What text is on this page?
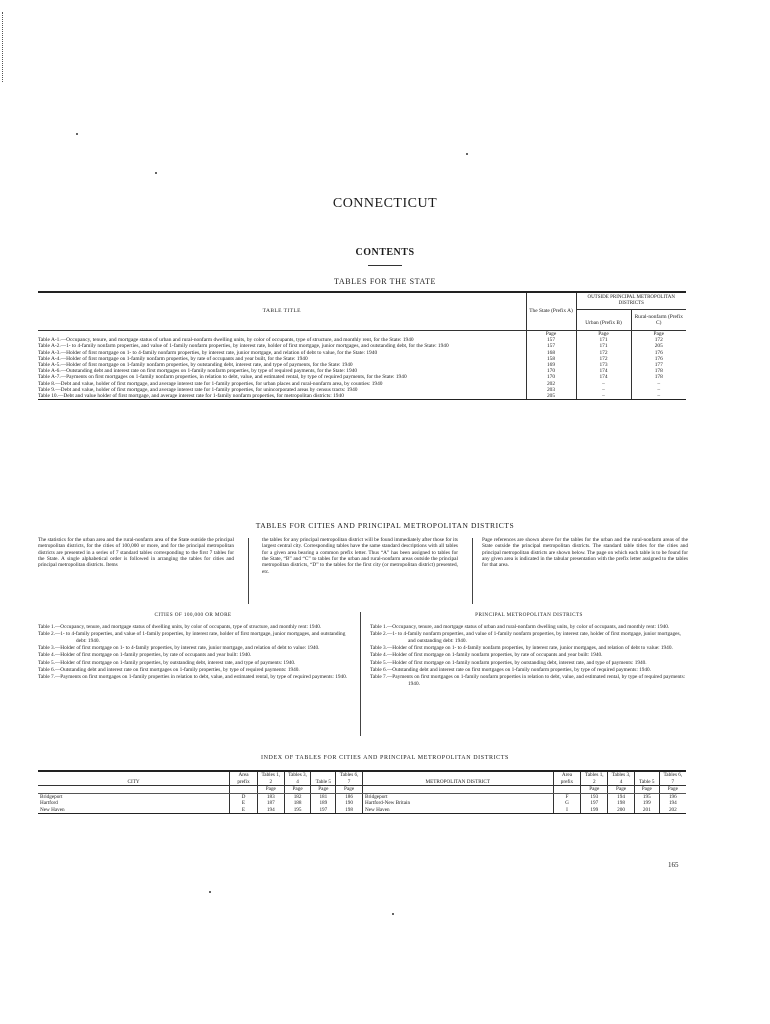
CONNECTICUT
CONTENTS
TABLES FOR THE STATE
TABLE TITLE	The State (Prefix A)	OUTSIDE PRINCIPAL METROPOLITAN DISTRICTS	
		Urban (Prefix B)	Rural-nonfarm (Prefix C)
	Page	Page	Page
Table A-1.—Occupancy, tenure, and mortgage status of urban and rural-nonfarm dwelling units, by color of occupants, type of structure, and monthly rent, for the State: 1940	157	171	172
Table A-2.—1- to 4-family nonfarm properties, and value of 1-family nonfarm properties, by interest rate, holder of first mortgage, junior mortgages, and outstanding debt, for the State: 1940	157	171	205
Table A-3.—Holder of first mortgage on 1- to 4-family nonfarm properties, by interest rate, junior mortgage, and relation of debt to value, for the State: 1940	168	172	176
Table A-4.—Holder of first mortgage on 1-family nonfarm properties, by rate of occupants and year built, for the State: 1940	158	172	176
Table A-5.—Holder of first mortgage on 1-family nonfarm properties, by outstanding debt, interest rate, and type of payments, for the State: 1940	169	173	177
Table A-6.—Outstanding debt and interest rate on first mortgages on 1-family nonfarm properties, by type of required payments, for the State: 1940	170	174	178
Table A-7.—Payments on first mortgages on 1-family nonfarm properties, in relation to debt, value, and estimated rental, by type of required payments, for the State: 1940	170	174	178
Table 8.—Debt and value, holder of first mortgage, and average interest rate for 1-family properties, for urban places and rural-nonfarm area, by counties: 1940	202	–	–
Table 9.—Debt and value, holder of first mortgage, and average interest rate for 1-family properties, for unincorporated areas by census tracts: 1940	203	–	–
Table 10.—Debt and value holder of first mortgage, and average interest rate for 1-family nonfarm properties, for metropolitan districts: 1940	205	–	–
TABLES FOR CITIES AND PRINCIPAL METROPOLITAN DISTRICTS
The statistics for the urban area and the rural-nonfarm area of the State outside the principal metropolitan districts, for the cities of 100,000 or more, and for the principal metropolitan districts are presented in a series of 7 standard tables corresponding to the first 7 tables for the State. A single alphabetical order is followed in arranging the tables for cities and principal metropolitan districts. Items
the tables for any principal metropolitan district will be found immediately after those for its largest central city. Corresponding tables have the same standard descriptions with all tables for a given area bearing a common prefix letter. Thus “A” has been assigned to tables for the State, “B” and “C” to tables for the urban and rural-nonfarm areas outside the principal metropolitan districts, “D” to the tables for the first city (or metropolitan district) presented, etc.
Page references are shown above for the tables for the urban and the rural-nonfarm areas of the State outside the principal metropolitan districts. The standard table titles for the cities and principal metropolitan districts are shown below. The page on which each table is to be found for any given area is indicated in the tabular presentation with the prefix letter assigned to the tables for that area.
CITIES OF 100,000 OR MORE	PRINCIPAL METROPOLITAN DISTRICTS
Table 1.—Occupancy, tenure, and mortgage status of dwelling units, by color of occupants, type of structure, and monthly rent: 1940.
Table 2.—1- to 4-family properties, and value of 1-family properties, by interest rate, holder of first mortgage, junior mortgages, and outstanding debt: 1940.
Table 3.—Holder of first mortgage on 1- to 4-family properties, by interest rate, junior mortgage, and relation of debt to value: 1940.
Table 4.—Holder of first mortgage on 1-family properties, by rate of occupants and year built: 1940.
Table 5.—Holder of first mortgage on 1-family properties, by outstanding debt, interest rate, and type of payments: 1940.
Table 6.—Outstanding debt and interest rate on first mortgages on 1-family properties, by type of required payments: 1940.
Table 7.—Payments on first mortgages on 1-family properties in relation to debt, value, and estimated rental, by type of required payments: 1940.
Table 1.—Occupancy, tenure, and mortgage status of urban and rural-nonfarm dwelling units, by color of occupants, and monthly rent: 1940.
Table 2.—1- to 4-family nonfarm properties, and value of 1-family nonfarm properties, by interest rate, holder of first mortgage, junior mortgages, and outstanding debt: 1940.
Table 3.—Holder of first mortgage on 1- to 4-family nonfarm properties, by interest rate, junior mortgages, and relation of debt to value: 1940.
Table 4.—Holder of first mortgage on 1-family nonfarm properties, by rate of occupants and year built: 1940.
Table 5.—Holder of first mortgage on 1-family nonfarm properties, by outstanding debt, interest rate, and type of payments: 1940.
Table 6.—Outstanding debt and interest rate on first mortgages on 1-family nonfarm properties, by type of required payments: 1940.
Table 7.—Payments on first mortgages on 1-family nonfarm properties in relation to debt, value, and estimated rental, by type of required payments: 1940.
INDEX OF TABLES FOR CITIES AND PRINCIPAL METROPOLITAN DISTRICTS
CITY	Area prefix	Tables 1, 2	Tables 3, 4	Table 5	Tables 6, 7	METROPOLITAN DISTRICT	Area prefix	Tables 1, 2	Tables 3, 4	Table 5	Tables 6, 7
		Page	Page	Page	Page			Page	Page	Page	Page
Bridgeport	D	183	182	181	186	Bridgeport	F	193	194	195	196
Hartford	E	187	188	189	190	Hartford-New Britain	G	197	198	199	194
New Haven	E	194	195	197	198	New Haven	I	199	200	201	202
165
